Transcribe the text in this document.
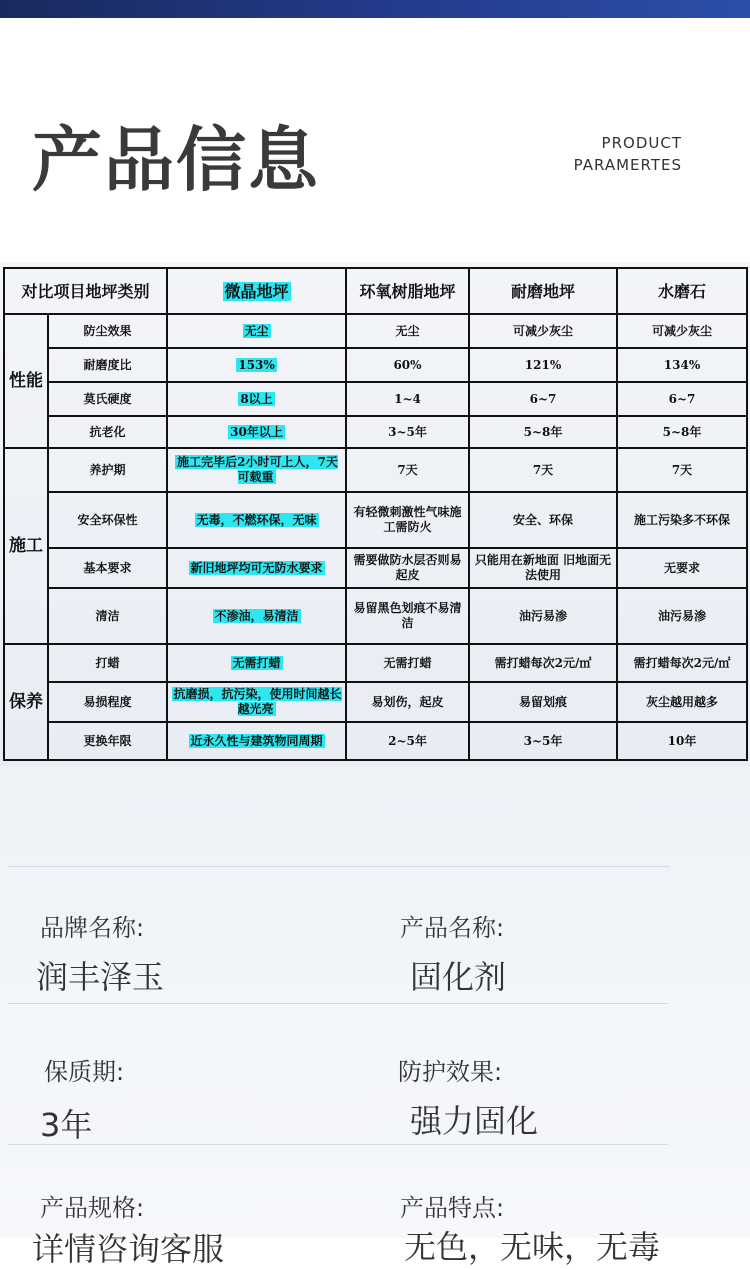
产品信息	PRODUCT
PARAMERTES
对比项目地坪类别		微晶地坪	环氧树脂地坪	耐磨地坪	水磨石
性能	防尘效果	无尘	无尘	可减少灰尘	可减少灰尘
	耐磨度比	153%	60%	121%	134%
	莫氏硬度	8以上	1~4	6~7	6~7
	抗老化	30年以上	3~5年	5~8年	5~8年
施工	养护期	施工完毕后2小时可上人，7天可载重	7天	7天	7天
	安全环保性	无毒，不燃环保，无味	有轻微刺激性气味施工需防火	安全、环保	施工污染多不环保
	基本要求	新旧地坪均可无防水要求	需要做防水层否则易起皮	只能用在新地面 旧地面无法使用	无要求
	清洁	不渗油，易清洁	易留黑色划痕不易清洁	油污易渗	油污易渗
保养	打蜡	无需打蜡	无需打蜡	需打蜡每次2元/㎡	需打蜡每次2元/㎡
	易损程度	抗磨损，抗污染，使用时间越长越光亮	易划伤，起皮	易留划痕	灰尘越用越多
	更换年限	近永久性与建筑物同周期	2~5年	3~5年	10年
品牌名称:
润丰泽玉
产品名称:
固化剂
保质期:
3年
防护效果:
强力固化
产品规格:
详情咨询客服
产品特点:
无色，无味，无毒
